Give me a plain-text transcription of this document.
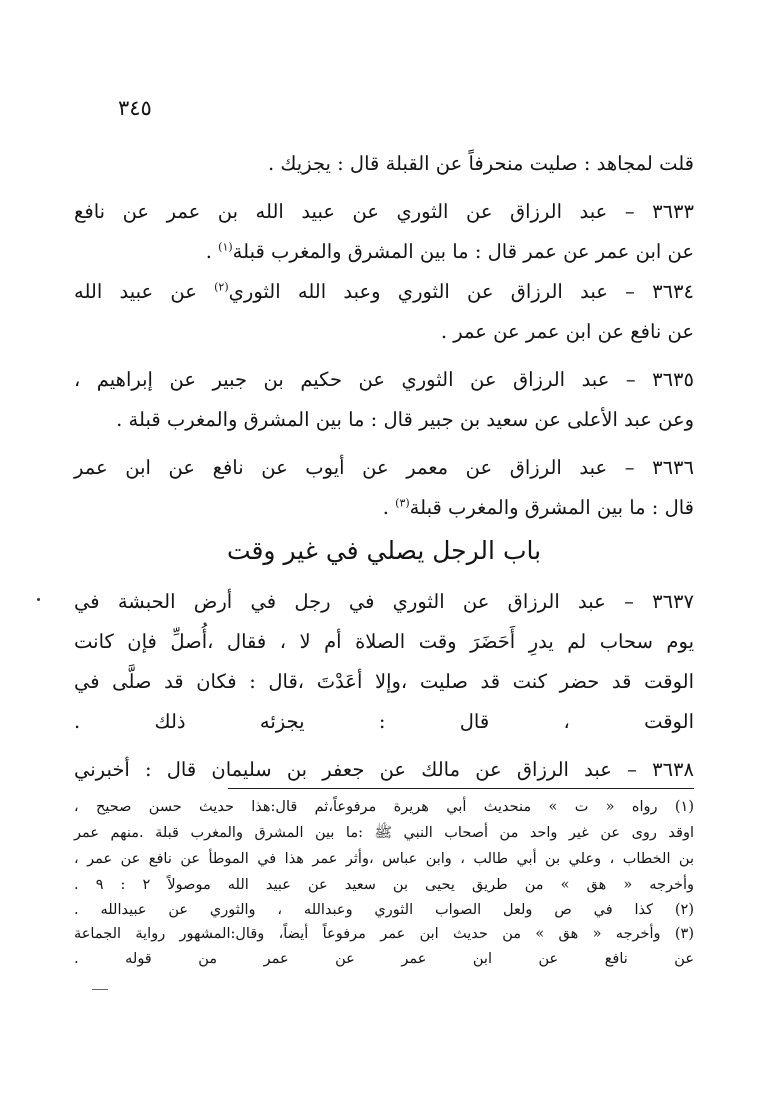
٣٤٥
قلت لمجاهد : صليت منحرفاً عن القبلة قال : يجزيك .
٣٦٣٣ – عبد الرزاق عن الثوري عن عبيد الله بن عمر عن نافع
عن ابن عمر عن عمر قال : ما بين المشرق والمغرب قبلة$^{(١)}$ .
٣٦٣٤ – عبد الرزاق عن الثوري وعبد الله الثوري$^{(٢)}$ عن عبيد الله
عن نافع عن ابن عمر عن عمر .
٣٦٣٥ – عبد الرزاق عن الثوري عن حكيم بن جبير عن إبراهيم ،
وعن عبد الأعلى عن سعيد بن جبير قال : ما بين المشرق والمغرب قبلة .
٣٦٣٦ – عبد الرزاق عن معمر عن أيوب عن نافع عن ابن عمر
قال : ما بين المشرق والمغرب قبلة$^{(٣)}$ .
باب الرجل يصلي في غير وقت
٣٦٣٧ – عبد الرزاق عن الثوري في رجل في أرض الحبشة في
يوم سحاب لم يدرِ أَحَضَرَ وقت الصلاة أم لا ، فقال ،أُصلِّ فإن كانت
الوقت قد حضر كنت قد صليت ،وإلا أعَدْتَ ،قال : فكان قد صلَّى في
الوقت ، قال : يجزئه ذلك .
٣٦٣٨ – عبد الرزاق عن مالك عن جعفر بن سليمان قال : أخبرني
(١) رواه « ت » منحديث أبي هريرة مرفوعاً،ثم قال:هذا حديث حسن صحيح ،
اوقد روى عن غير واحد من أصحاب النبي ﷺ :ما بين المشرق والمغرب قبلة .منهم عمر
بن الخطاب ، وعلي بن أبي طالب ، وابن عباس ،وأثر عمر هذا في الموطأ عن نافع عن عمر ،
وأخرجه « هق » من طريق يحيى بن سعيد عن عبيد الله موصولاً ٢ : ٩ .
(٢) كذا في ص ولعل الصواب الثوري وعبدالله ، والثوري عن عبيدالله .
(٣) وأخرجه « هق » من حديث ابن عمر مرفوعاً أيضاً، وقال:المشهور رواية الجماعة
عن نافع عن ابن عمر عن عمر من قوله .
